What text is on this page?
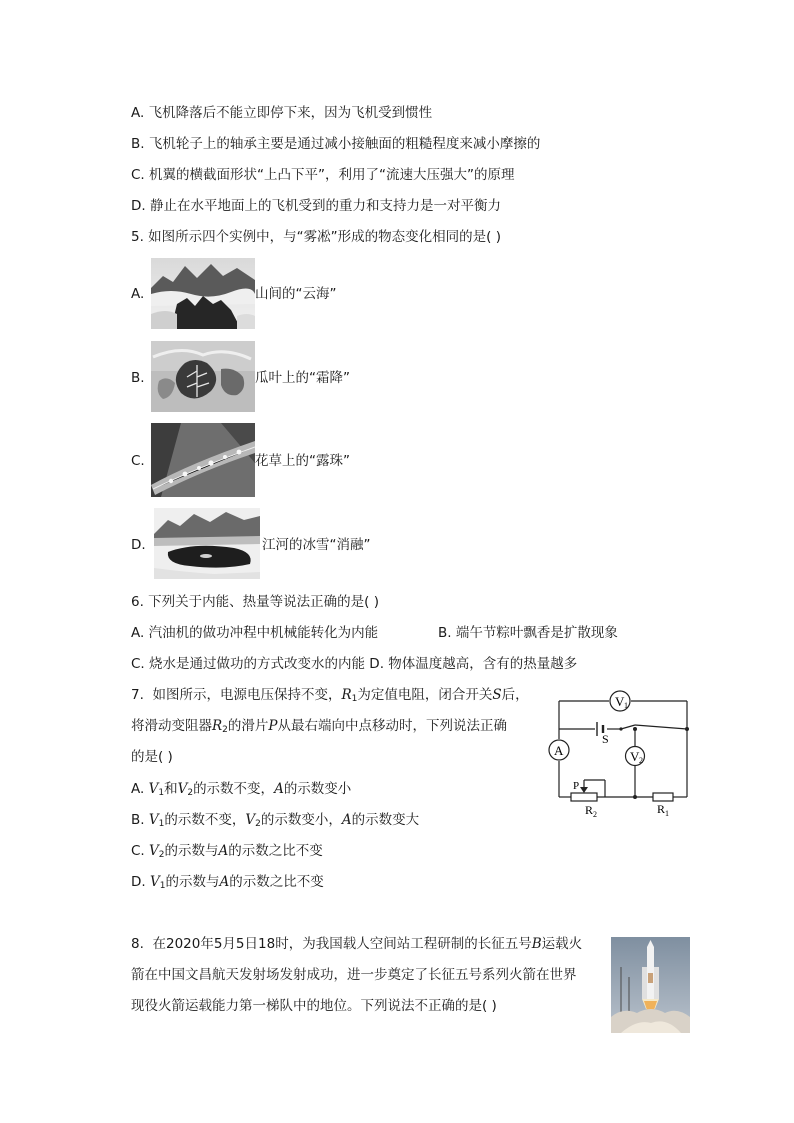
A. 飞机降落后不能立即停下来，因为飞机受到惯性
B. 飞机轮子上的轴承主要是通过减小接触面的粗糙程度来减小摩擦的
C. 机翼的横截面形状“上凸下平”，利用了“流速大压强大”的原理
D. 静止在水平地面上的飞机受到的重力和支持力是一对平衡力
5. 如图所示四个实例中，与“雾凇”形成的物态变化相同的是( )
A.	山间的“云海”
B.	瓜叶上的“霜降”
C.	花草上的“露珠”
D.	江河的冰雪“消融”
6. 下列关于内能、热量等说法正确的是( )
A. 汽油机的做功冲程中机械能转化为内能	B. 端午节粽叶飘香是扩散现象
C. 烧水是通过做功的方式改变水的内能 D. 物体温度越高，含有的热量越多
7. 如图所示，电源电压保持不变，$R_1$为定值电阻，闭合开关S后，
将滑动变阻器$R_2$的滑片P从最右端向中点移动时，下列说法正确
的是( )
A. $V_1$和$V_2$的示数不变，A的示数变小
B. $V_1$的示数不变，$V_2$的示数变小，A的示数变大
C. $V_2$的示数与A的示数之比不变
D. $V_1$的示数与A的示数之比不变
V 1
A	V 2
S
P
R 2	R 1
8. 在2020年5月5日18时，为我国载人空间站工程研制的长征五号B运载火
箭在中国文昌航天发射场发射成功，进一步奠定了长征五号系列火箭在世界
现役火箭运载能力第一梯队中的地位。下列说法不正确的是( )
